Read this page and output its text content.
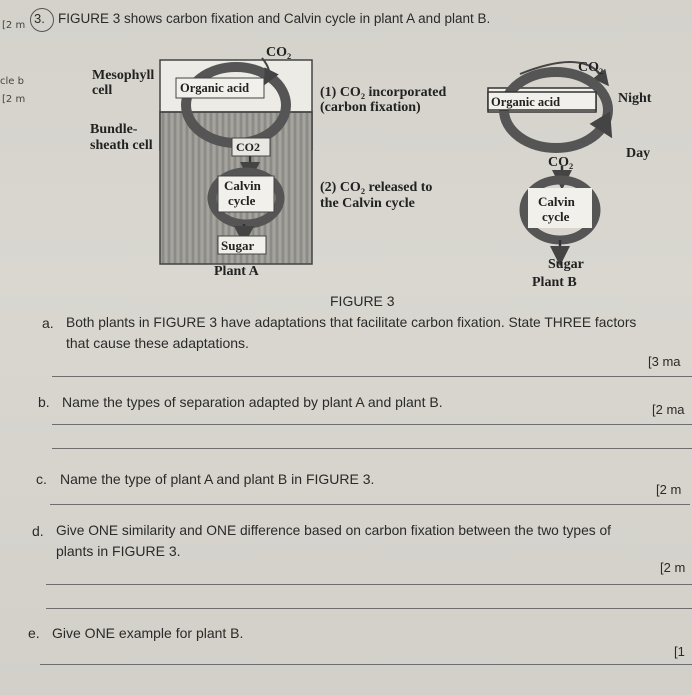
[2 m
cle b
[2 m
3. FIGURE 3 shows carbon fixation and Calvin cycle in plant A and plant B.
CO₂
Mesophyll
cell
Bundle-
sheath cell
Organic acid
CO2
Calvin
cycle
Sugar
Plant A
(1) CO₂ incorporated
(carbon fixation)
(2) CO₂ released to
the Calvin cycle
CO₂
Organic acid	Night
Day
CO₂
Calvin
cycle
Sugar
Plant B
FIGURE 3
a. Both plants in FIGURE 3 have adaptations that facilitate carbon fixation. State THREE factors
that cause these adaptations.
[3 ma
b. Name the types of separation adapted by plant A and plant B.	[2 ma
c. Name the type of plant A and plant B in FIGURE 3.
[2 m
d. Give ONE similarity and ONE difference based on carbon fixation between the two types of
plants in FIGURE 3.
[2 m
e. Give ONE example for plant B.
[1
